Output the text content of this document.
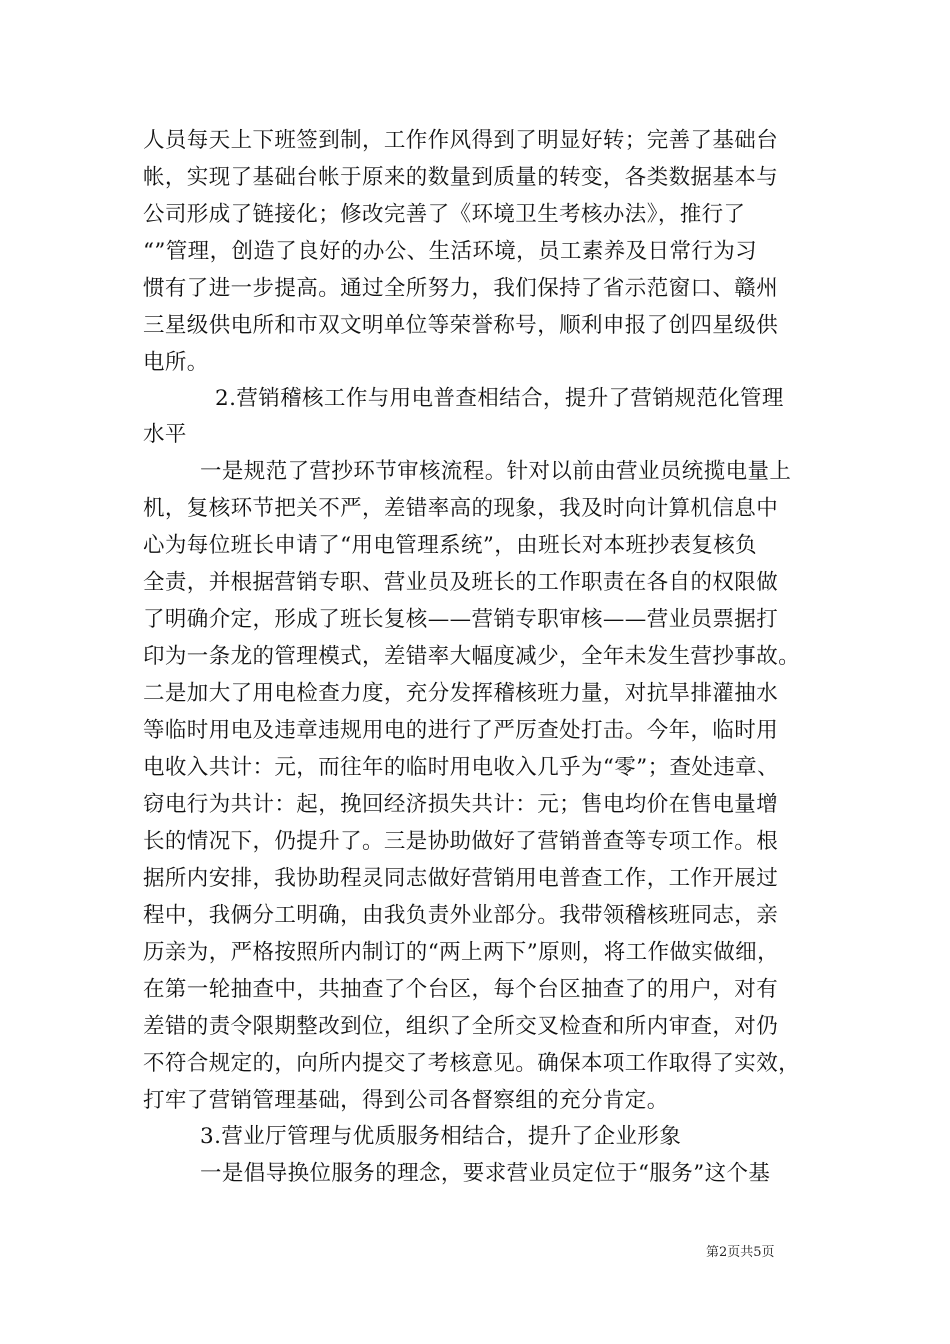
人员每天上下班签到制，工作作风得到了明显好转；完善了基础台
帐，实现了基础台帐于原来的数量到质量的转变，各类数据基本与
公司形成了链接化；修改完善了《环境卫生考核办法》，推行了
“”管理，创造了良好的办公、生活环境，员工素养及日常行为习
惯有了进一步提高。通过全所努力，我们保持了省示范窗口、赣州
三星级供电所和市双文明单位等荣誉称号，顺利申报了创四星级供
电所。
2.营销稽核工作与用电普查相结合，提升了营销规范化管理
水平
一是规范了营抄环节审核流程。针对以前由营业员统揽电量上
机，复核环节把关不严，差错率高的现象，我及时向计算机信息中
心为每位班长申请了“用电管理系统”，由班长对本班抄表复核负
全责，并根据营销专职、营业员及班长的工作职责在各自的权限做
了明确介定，形成了班长复核——营销专职审核——营业员票据打
印为一条龙的管理模式，差错率大幅度减少，全年未发生营抄事故。
二是加大了用电检查力度，充分发挥稽核班力量，对抗旱排灌抽水
等临时用电及违章违规用电的进行了严厉查处打击。今年，临时用
电收入共计：元，而往年的临时用电收入几乎为“零”；查处违章、
窃电行为共计：起，挽回经济损失共计：元；售电均价在售电量增
长的情况下，仍提升了。三是协助做好了营销普查等专项工作。根
据所内安排，我协助程灵同志做好营销用电普查工作，工作开展过
程中，我俩分工明确，由我负责外业部分。我带领稽核班同志，亲
历亲为，严格按照所内制订的“两上两下”原则，将工作做实做细，
在第一轮抽查中，共抽查了个台区，每个台区抽查了的用户，对有
差错的责令限期整改到位，组织了全所交叉检查和所内审查，对仍
不符合规定的，向所内提交了考核意见。确保本项工作取得了实效，
打牢了营销管理基础，得到公司各督察组的充分肯定。
3.营业厅管理与优质服务相结合，提升了企业形象
一是倡导换位服务的理念，要求营业员定位于“服务”这个基
第2页共5页
